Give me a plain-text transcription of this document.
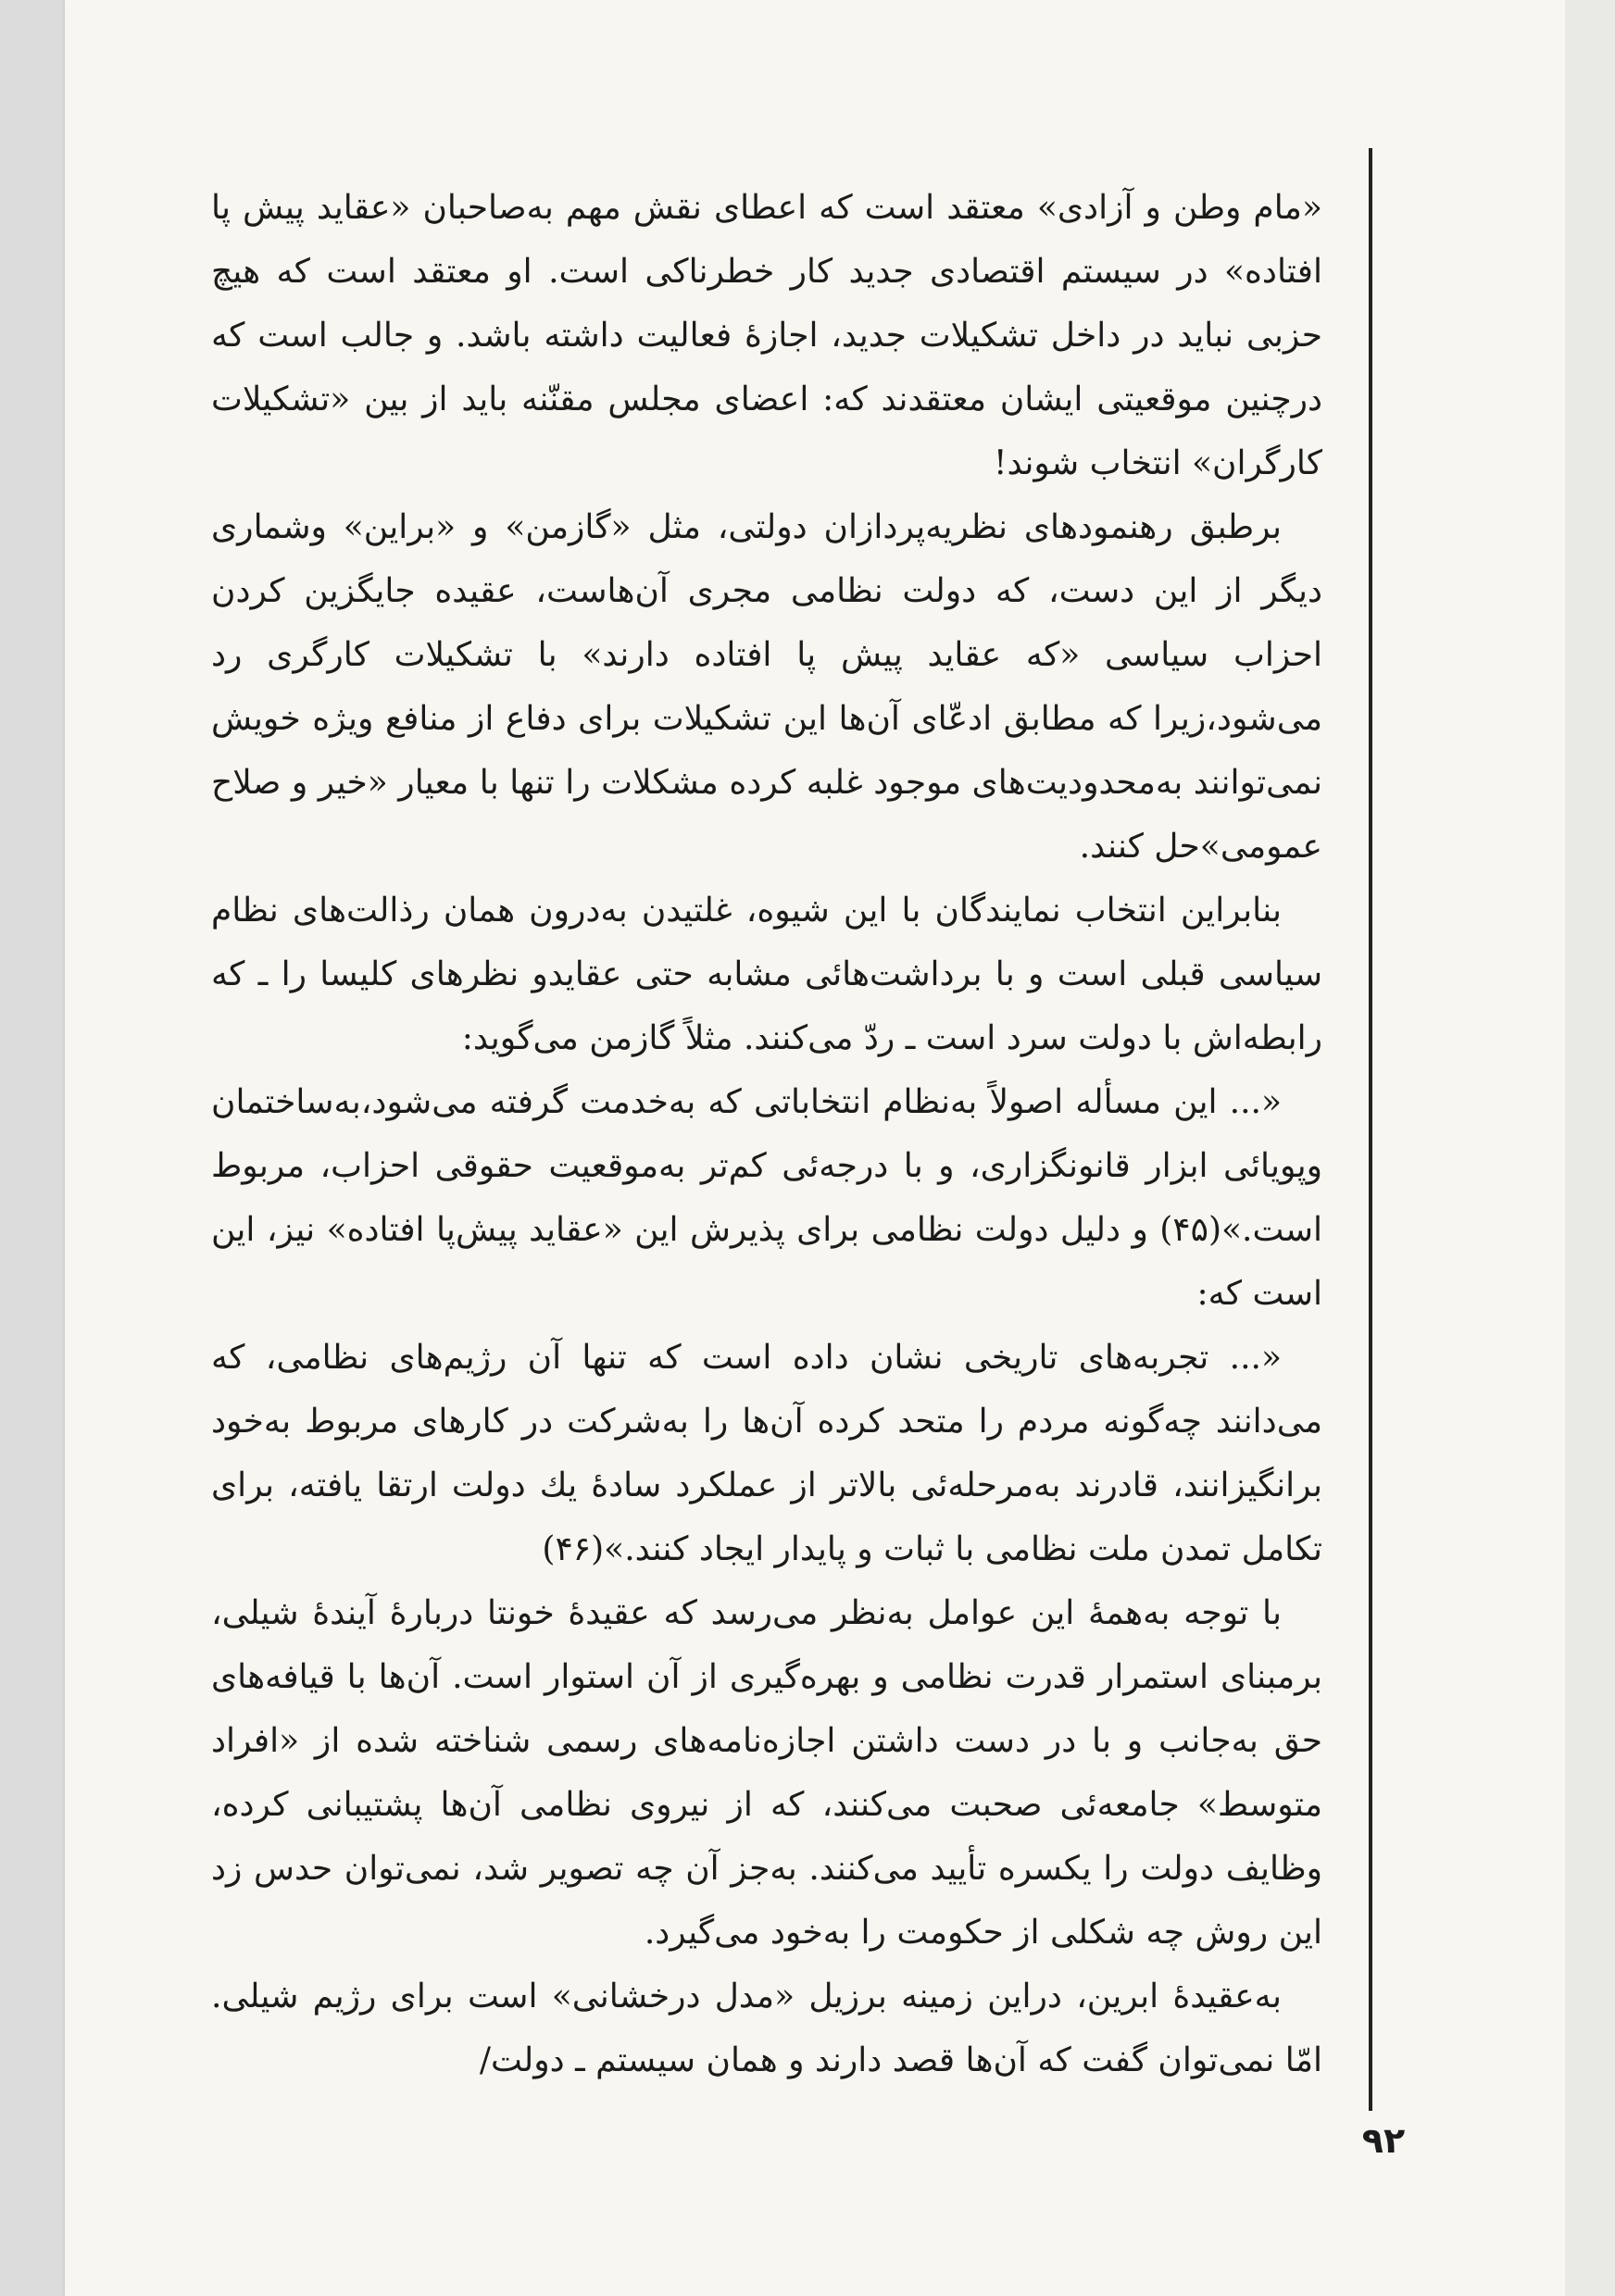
«مام وطن و آزادی» معتقد است که اعطای نقش مهم به‌صاحبان «عقاید پیش پا افتاده» در سیستم اقتصادی جدید کار خطرناکی است. او معتقد است که هیچ حزبی نباید در داخل تشکیلات جدید، اجازهٔ فعالیت داشته باشد. و جالب است که درچنین موقعیتی ایشان معتقدند که: اعضای مجلس مقنّنه باید از بین «تشکیلات کارگران» انتخاب شوند!

برطبق رهنمودهای نظریه‌پردازان دولتی، مثل «گازمن» و «براین» وشماری دیگر از این دست، که دولت نظامی مجری آن‌هاست، عقیده جایگزین کردن احزاب سیاسی «که عقاید پیش پا افتاده دارند» با تشکیلات کارگری رد می‌شود،زیرا که مطابق ادعّای آن‌ها این تشکیلات برای دفاع از منافع ویژه خویش نمی‌توانند به‌محدودیت‌های موجود غلبه کرده مشکلات را تنها با معیار «خیر و صلاح عمومی»حل کنند.

بنابراین انتخاب نمایندگان با این شیوه، غلتیدن به‌درون همان رذالت‌های نظام سیاسی قبلی است و با برداشت‌هائی مشابه حتی عقایدو نظرهای کلیسا را ـ که رابطه‌اش با دولت سرد است ـ ردّ می‌کنند. مثلاً گازمن می‌گوید:

«... این مسأله اصولاً به‌نظام انتخاباتی که به‌خدمت گرفته می‌شود،به‌ساختمان وپویائی ابزار قانونگزاری، و با درجه‌ئی کم‌تر به‌موقعیت حقوقی احزاب، مربوط است.»(۴۵) و دلیل دولت نظامی برای پذیرش این «عقاید پیش‌پا افتاده» نیز، این است که:

«... تجربه‌های تاریخی نشان داده است که تنها آن رژیم‌های نظامی، که می‌دانند چه‌گونه مردم را متحد کرده آن‌ها را به‌شرکت در کارهای مربوط به‌خود برانگیزانند، قادرند به‌مرحله‌ئی بالاتر از عملکرد سادهٔ یك دولت ارتقا یافته، برای تکامل تمدن ملت نظامی با ثبات و پایدار ایجاد کنند.»(۴۶)

با توجه به‌همهٔ این عوامل به‌نظر می‌رسد که عقیدهٔ خونتا دربارهٔ آیندهٔ شیلی، برمبنای استمرار قدرت نظامی و بهره‌گیری از آن استوار است. آن‌ها با قیافه‌های حق به‌جانب و با در دست داشتن اجازه‌نامه‌های رسمی شناخته شده از «افراد متوسط» جامعه‌ئی صحبت می‌کنند، که از نیروی نظامی آن‌ها پشتیبانی کرده، وظایف دولت را یکسره تأیید می‌کنند. به‌جز آن چه تصویر شد، نمی‌توان حدس زد این روش چه شکلی از حکومت را به‌خود می‌گیرد.

به‌عقیدهٔ ابرین، دراین زمینه برزیل «مدل درخشانی» است برای رژیم شیلی. امّا نمی‌توان گفت که آن‌ها قصد دارند و همان سیستم ـ دولت/

۹۲
